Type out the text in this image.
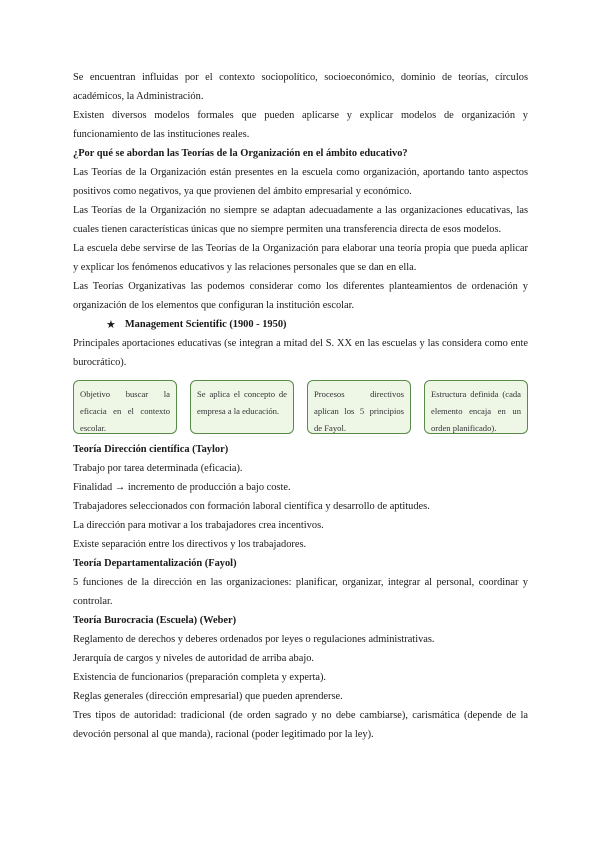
Se encuentran influidas por el contexto sociopolítico, socioeconómico, dominio de teorías, círculos académicos, la Administración.

Existen diversos modelos formales que pueden aplicarse y explicar modelos de organización y funcionamiento de las instituciones reales.

¿Por qué se abordan las Teorías de la Organización en el ámbito educativo?

Las Teorías de la Organización están presentes en la escuela como organización, aportando tanto aspectos positivos como negativos, ya que provienen del ámbito empresarial y económico.

Las Teorías de la Organización no siempre se adaptan adecuadamente a las organizaciones educativas, las cuales tienen características únicas que no siempre permiten una transferencia directa de esos modelos.

La escuela debe servirse de las Teorías de la Organización para elaborar una teoría propia que pueda aplicar y explicar los fenómenos educativos y las relaciones personales que se dan en ella.

Las Teorías Organizativas las podemos considerar como los diferentes planteamientos de ordenación y organización de los elementos que configuran la institución escolar.

★ Management Scientific (1900 - 1950)

Principales aportaciones educativas (se integran a mitad del S. XX en las escuelas y las considera como ente burocrático).

Objetivo buscar la eficacia en el contexto escolar.
Se aplica el concepto de empresa a la educación.
Procesos directivos aplican los 5 principios de Fayol.
Estructura definida (cada elemento encaja en un orden planificado).
Teoría Dirección científica (Taylor)

Trabajo por tarea determinada (eficacia).

Finalidad → incremento de producción a bajo coste.

Trabajadores seleccionados con formación laboral científica y desarrollo de aptitudes.

La dirección para motivar a los trabajadores crea incentivos.

Existe separación entre los directivos y los trabajadores.

Teoría Departamentalización (Fayol)

5 funciones de la dirección en las organizaciones: planificar, organizar, integrar al personal, coordinar y controlar.

Teoría Burocracia (Escuela) (Weber)

Reglamento de derechos y deberes ordenados por leyes o regulaciones administrativas.

Jerarquía de cargos y niveles de autoridad de arriba abajo.

Existencia de funcionarios (preparación completa y experta).

Reglas generales (dirección empresarial) que pueden aprenderse.

Tres tipos de autoridad: tradicional (de orden sagrado y no debe cambiarse), carismática (depende de la devoción personal al que manda), racional (poder legitimado por la ley).
